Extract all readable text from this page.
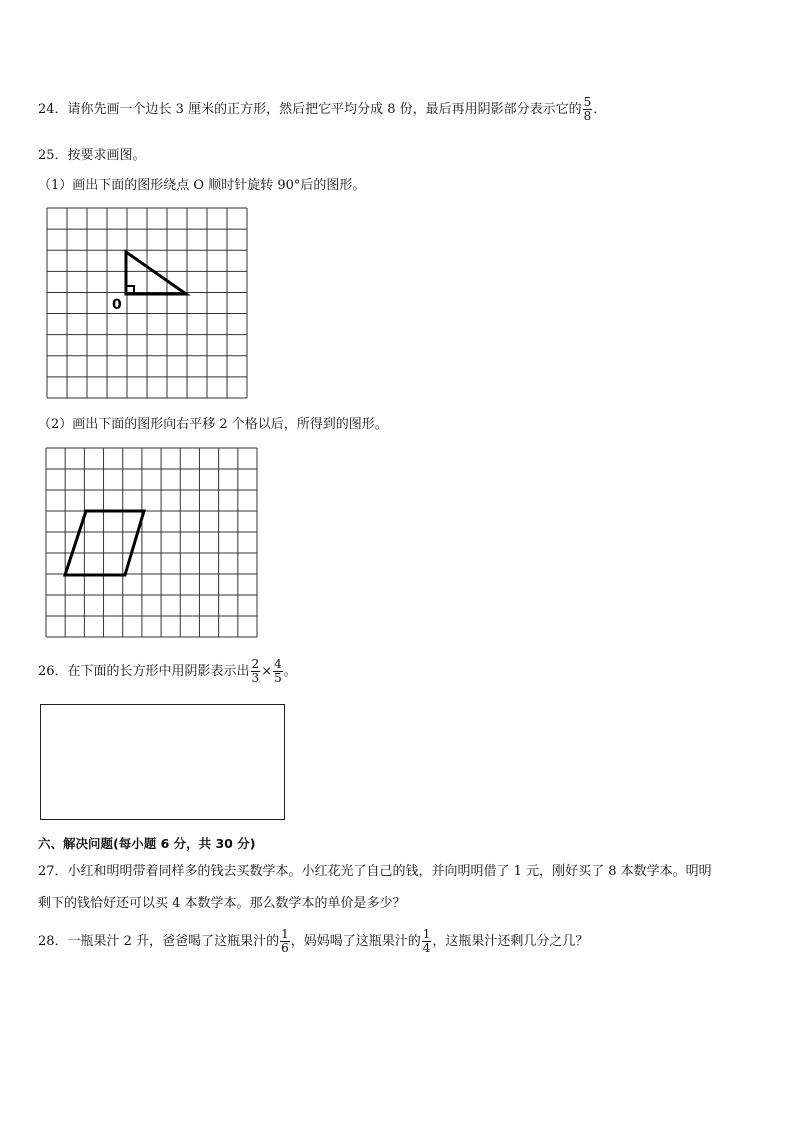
24．请你先画一个边长 3 厘米的正方形，然后把它平均分成 8 份，最后再用阴影部分表示它的 $\frac{5}{8}$ ．
25．按要求画图。
（1）画出下面的图形绕点 O 顺时针旋转 90°后的图形。
0
（2）画出下面的图形向右平移 2 个格以后，所得到的图形。
26．在下面的长方形中用阴影表示出 $\frac{2}{3} \times \frac{4}{5}$ 。
六、解决问题(每小题 6 分，共 30 分)
27．小红和明明带着同样多的钱去买数学本。小红花光了自己的钱，并向明明借了 1 元，刚好买了 8 本数学本。明明
剩下的钱恰好还可以买 4 本数学本。那么数学本的单价是多少？
28．一瓶果汁 2 升，爸爸喝了这瓶果汁的 $\frac{1}{6}$ ，妈妈喝了这瓶果汁的 $\frac{1}{4}$ ，这瓶果汁还剩几分之几？
